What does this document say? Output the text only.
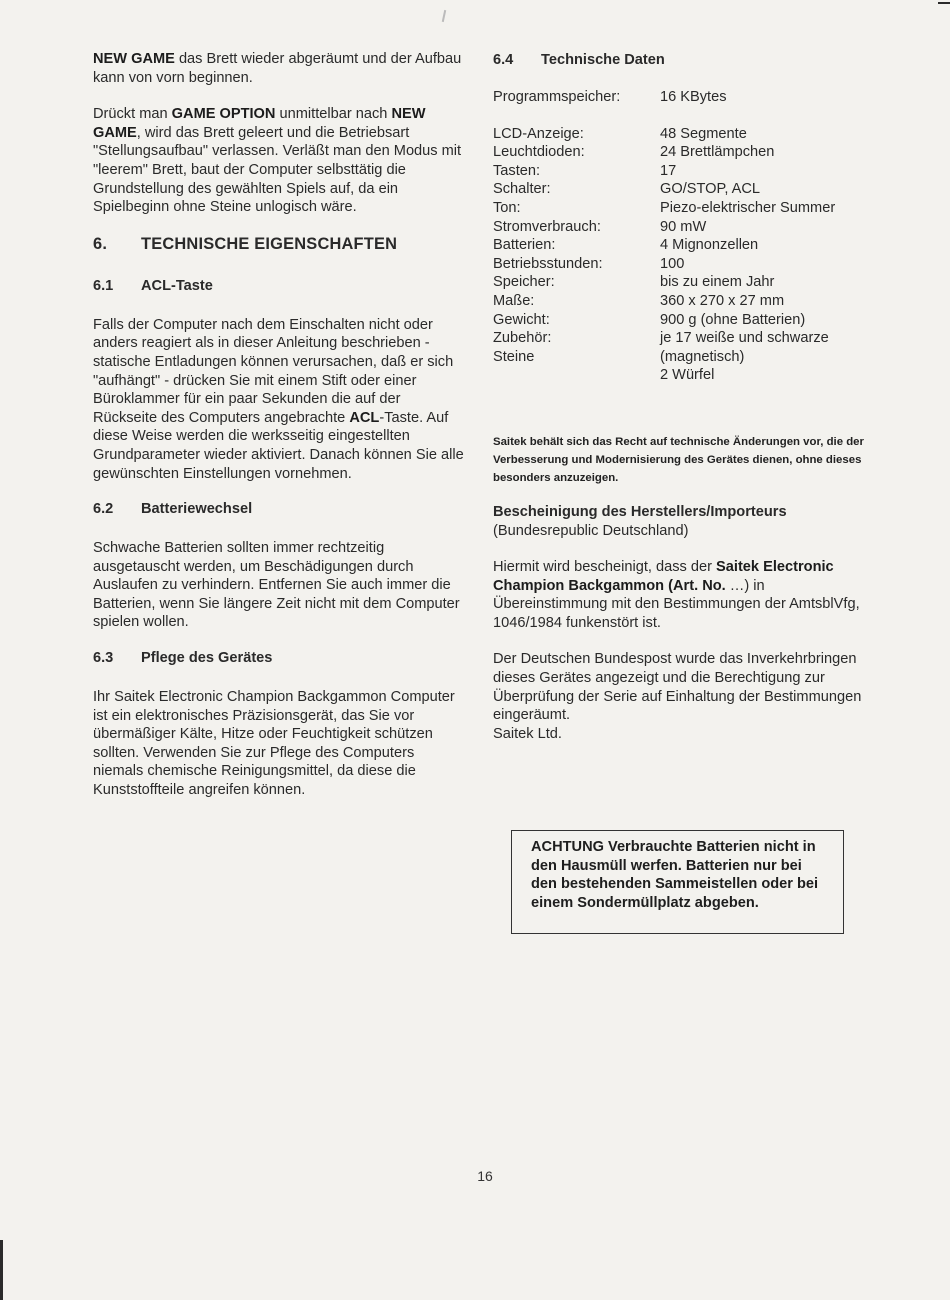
NEW GAME das Brett wieder abgeräumt und der Aufbau kann von vorn beginnen.

Drückt man GAME OPTION unmittelbar nach NEW GAME, wird das Brett geleert und die Betriebsart "Stellungsaufbau" verlassen. Verläßt man den Modus mit "leerem" Brett, baut der Computer selbsttätig die Grundstellung des gewählten Spiels auf, da ein Spielbeginn ohne Steine unlogisch wäre.

6.	TECHNISCHE EIGENSCHAFTEN
6.1	ACL-Taste

Falls der Computer nach dem Einschalten nicht oder anders reagiert als in dieser Anleitung beschrieben - statische Entladungen können verursachen, daß er sich "aufhängt" - drücken Sie mit einem Stift oder einer Büroklammer für ein paar Sekunden die auf der Rückseite des Computers angebrachte ACL-Taste. Auf diese Weise werden die werksseitig eingestellten Grundparameter wieder aktiviert. Danach können Sie alle gewünschten Einstellungen vornehmen.

6.2	Batteriewechsel

Schwache Batterien sollten immer rechtzeitig ausgetauscht werden, um Beschädigungen durch Auslaufen zu verhindern. Entfernen Sie auch immer die Batterien, wenn Sie längere Zeit nicht mit dem Computer spielen wollen.

6.3	Pflege des Gerätes

Ihr Saitek Electronic Champion Backgammon Computer ist ein elektronisches Präzisionsgerät, das Sie vor übermäßiger Kälte, Hitze oder Feuchtigkeit schützen sollten. Verwenden Sie zur Pflege des Computers niemals chemische Reinigungsmittel, da diese die Kunststoffteile angreifen können.

6.4	Technische Daten
Programmspeicher:	16 KBytes
LCD-Anzeige:	48 Segmente
Leuchtdioden:	24 Brettlämpchen
Tasten:	17
Schalter:	GO/STOP, ACL
Ton:	Piezo-elektrischer Summer
Stromverbrauch:	90 mW
Batterien:	4 Mignonzellen
Betriebsstunden:	100
Speicher:	bis zu einem Jahr
Maße:	360 x 270 x 27 mm
Gewicht:	900 g (ohne Batterien)
Zubehör:	je 17 weiße und schwarze
Steine	(magnetisch)
2 Würfel

Saitek behält sich das Recht auf technische Änderungen vor, die der Verbesserung und Modernisierung des Gerätes dienen, ohne dieses besonders anzuzeigen.

Bescheinigung des Herstellers/Importeurs

(Bundesrepublic Deutschland)

Hiermit wird bescheinigt, dass der Saitek Electronic Champion Backgammon (Art. No. …) in Übereinstimmung mit den Bestimmungen der AmtsblVfg, 1046/1984 funkenstört ist.

Der Deutschen Bundespost wurde das Inverkehrbringen dieses Gerätes angezeigt und die Berechtigung zur Überprüfung der Serie auf Einhaltung der Bestimmungen eingeräumt.

Saitek Ltd.

ACHTUNG Verbrauchte Batterien nicht in den Hausmüll werfen. Batterien nur bei den bestehenden Sammeistellen oder bei einem Sondermüllplatz abgeben.

16
